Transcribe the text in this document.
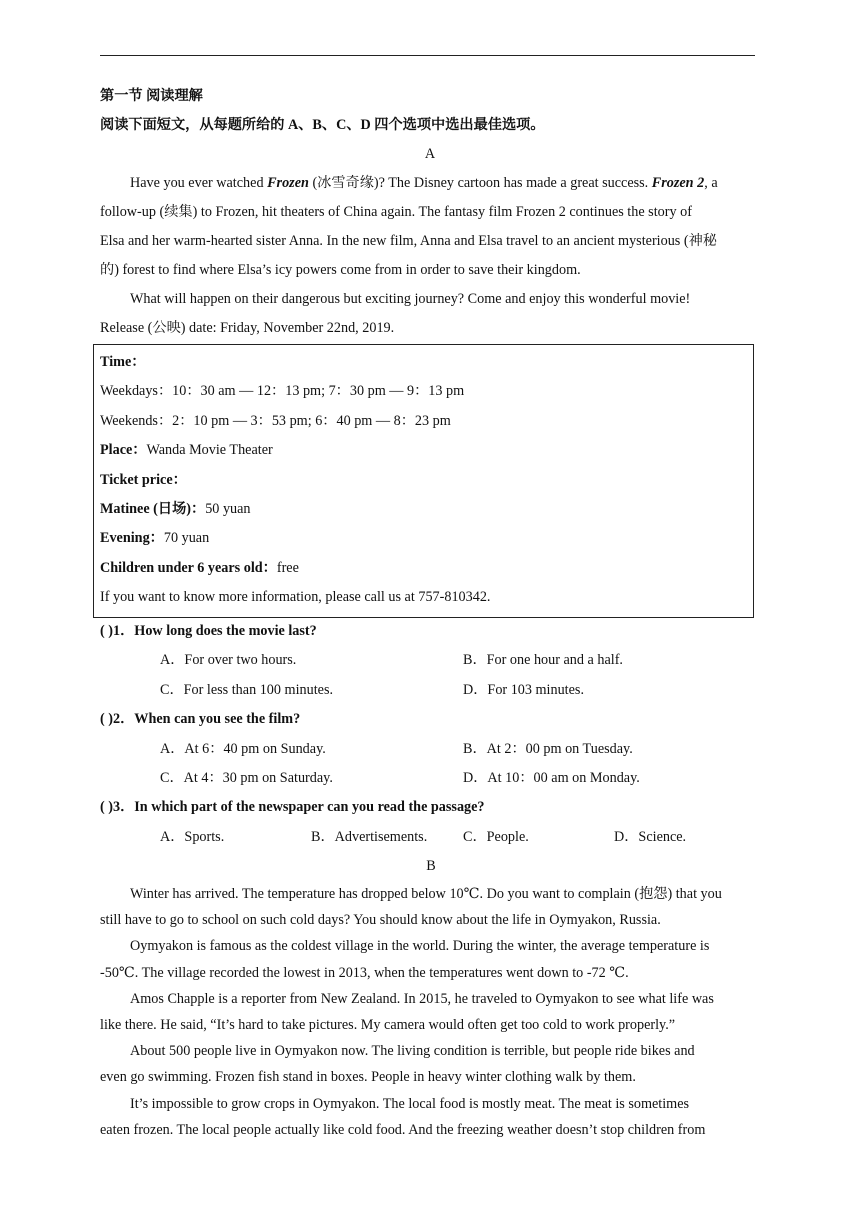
第一节 阅读理解
阅读下面短文，从每题所给的 A、B、C、D 四个选项中选出最佳选项。
A
Have you ever watched Frozen (冰雪奇缘)? The Disney cartoon has made a great success. Frozen 2, a
follow-up (续集) to Frozen, hit theaters of China again. The fantasy film Frozen 2 continues the story of
Elsa and her warm-hearted sister Anna. In the new film, Anna and Elsa travel to an ancient mysterious (神秘
的) forest to find where Elsa’s icy powers come from in order to save their kingdom.
What will happen on their dangerous but exciting journey? Come and enjoy this wonderful movie!
Release (公映) date: Friday, November 22nd, 2019.
Time：
Weekdays：10：30 am — 12：13 pm; 7：30 pm — 9：13 pm
Weekends：2：10 pm — 3：53 pm; 6：40 pm — 8：23 pm
Place：Wanda Movie Theater
Ticket price：
Matinee (日场)：50 yuan
Evening：70 yuan
Children under 6 years old：free
If you want to know more information, please call us at 757-810342.
( )1．How long does the movie last?
A．For over two hours.	B．For one hour and a half.
C．For less than 100 minutes.	D．For 103 minutes.
( )2．When can you see the film?
A．At 6：40 pm on Sunday.	B．At 2：00 pm on Tuesday.
C．At 4：30 pm on Saturday.	D．At 10：00 am on Monday.
( )3．In which part of the newspaper can you read the passage?
A．Sports.	B．Advertisements.	C．People.	D．Science.
B
Winter has arrived. The temperature has dropped below 10℃. Do you want to complain (抱怨) that you
still have to go to school on such cold days? You should know about the life in Oymyakon, Russia.
Oymyakon is famous as the coldest village in the world. During the winter, the average temperature is
-50℃. The village recorded the lowest in 2013, when the temperatures went down to -72 ℃.
Amos Chapple is a reporter from New Zealand. In 2015, he traveled to Oymyakon to see what life was
like there. He said, “It’s hard to take pictures. My camera would often get too cold to work properly.”
About 500 people live in Oymyakon now. The living condition is terrible, but people ride bikes and
even go swimming. Frozen fish stand in boxes. People in heavy winter clothing walk by them.
It’s impossible to grow crops in Oymyakon. The local food is mostly meat. The meat is sometimes
eaten frozen. The local people actually like cold food. And the freezing weather doesn’t stop children from
